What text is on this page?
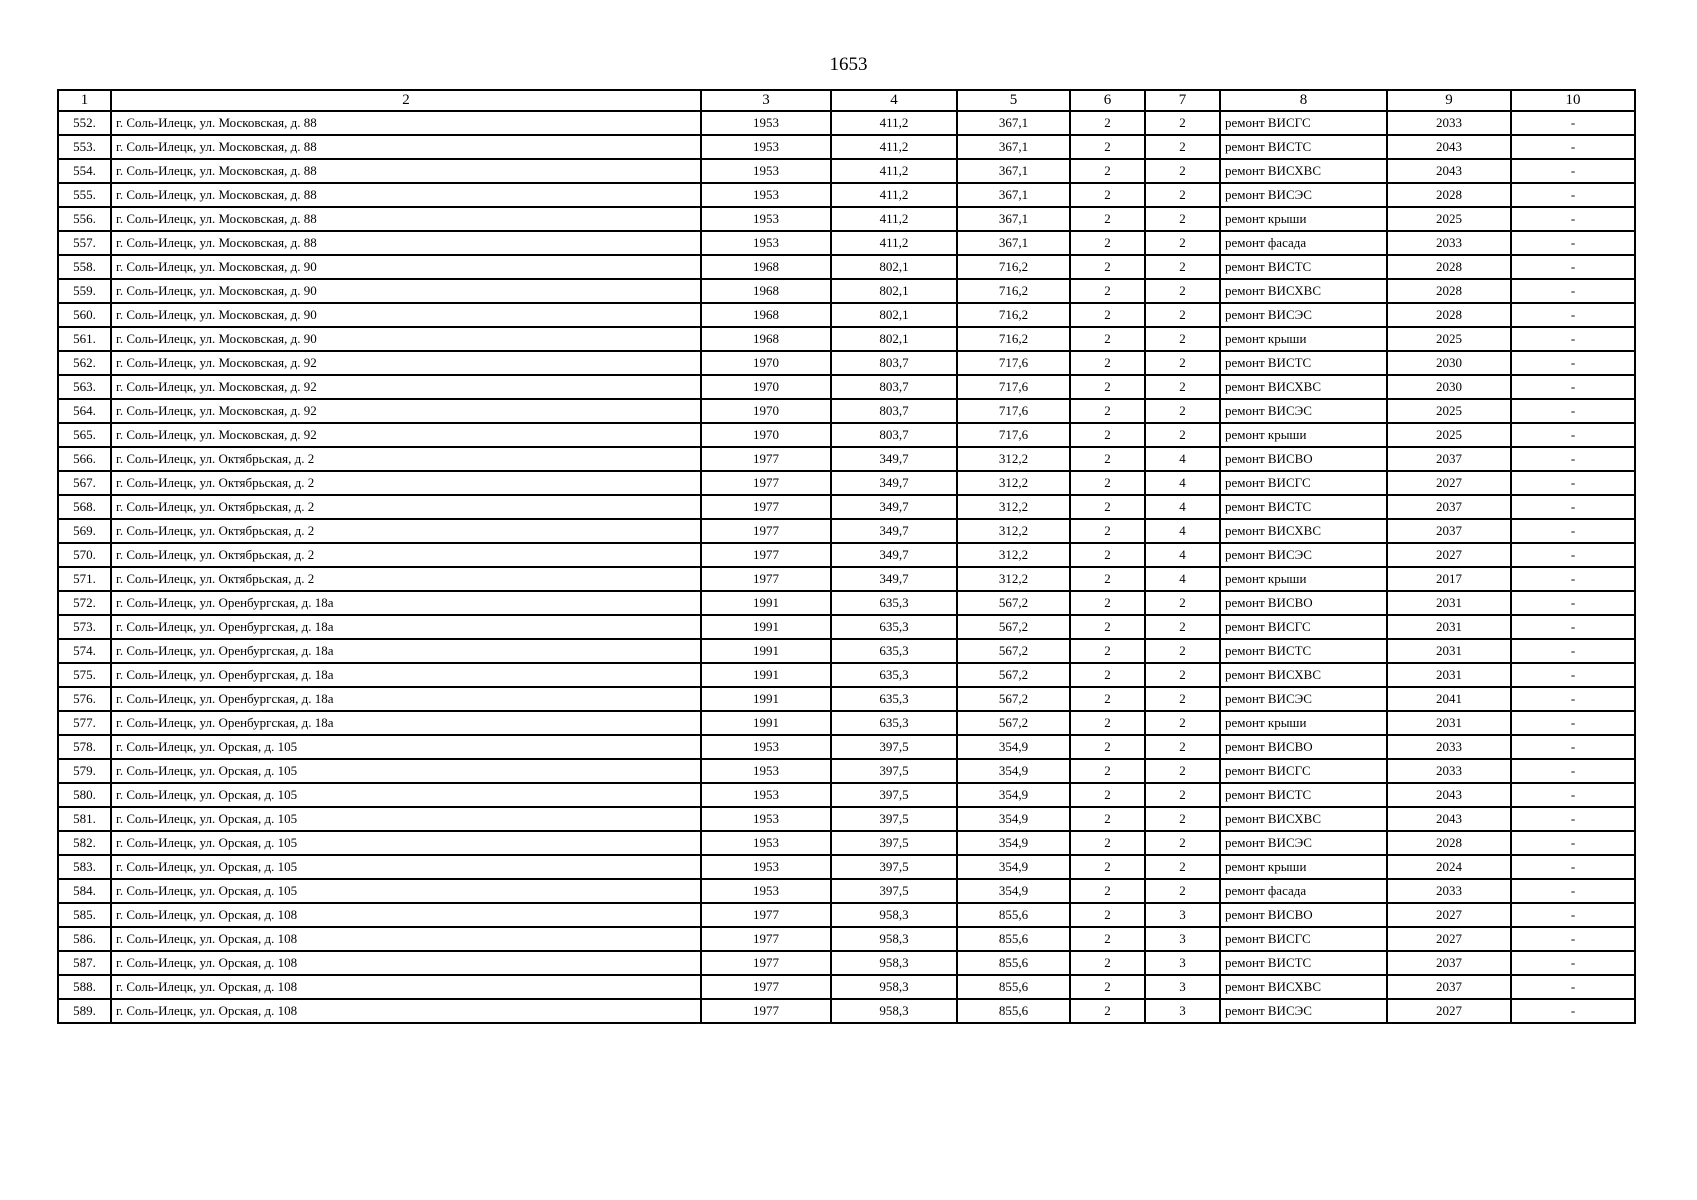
1653
1	2	3	4	5	6	7	8	9	10
552.	г. Соль-Илецк, ул. Московская, д. 88	1953	411,2	367,1	2	2	ремонт ВИСГС	2033	-
553.	г. Соль-Илецк, ул. Московская, д. 88	1953	411,2	367,1	2	2	ремонт ВИСТС	2043	-
554.	г. Соль-Илецк, ул. Московская, д. 88	1953	411,2	367,1	2	2	ремонт ВИСХВС	2043	-
555.	г. Соль-Илецк, ул. Московская, д. 88	1953	411,2	367,1	2	2	ремонт ВИСЭС	2028	-
556.	г. Соль-Илецк, ул. Московская, д. 88	1953	411,2	367,1	2	2	ремонт крыши	2025	-
557.	г. Соль-Илецк, ул. Московская, д. 88	1953	411,2	367,1	2	2	ремонт фасада	2033	-
558.	г. Соль-Илецк, ул. Московская, д. 90	1968	802,1	716,2	2	2	ремонт ВИСТС	2028	-
559.	г. Соль-Илецк, ул. Московская, д. 90	1968	802,1	716,2	2	2	ремонт ВИСХВС	2028	-
560.	г. Соль-Илецк, ул. Московская, д. 90	1968	802,1	716,2	2	2	ремонт ВИСЭС	2028	-
561.	г. Соль-Илецк, ул. Московская, д. 90	1968	802,1	716,2	2	2	ремонт крыши	2025	-
562.	г. Соль-Илецк, ул. Московская, д. 92	1970	803,7	717,6	2	2	ремонт ВИСТС	2030	-
563.	г. Соль-Илецк, ул. Московская, д. 92	1970	803,7	717,6	2	2	ремонт ВИСХВС	2030	-
564.	г. Соль-Илецк, ул. Московская, д. 92	1970	803,7	717,6	2	2	ремонт ВИСЭС	2025	-
565.	г. Соль-Илецк, ул. Московская, д. 92	1970	803,7	717,6	2	2	ремонт крыши	2025	-
566.	г. Соль-Илецк, ул. Октябрьская, д. 2	1977	349,7	312,2	2	4	ремонт ВИСВО	2037	-
567.	г. Соль-Илецк, ул. Октябрьская, д. 2	1977	349,7	312,2	2	4	ремонт ВИСГС	2027	-
568.	г. Соль-Илецк, ул. Октябрьская, д. 2	1977	349,7	312,2	2	4	ремонт ВИСТС	2037	-
569.	г. Соль-Илецк, ул. Октябрьская, д. 2	1977	349,7	312,2	2	4	ремонт ВИСХВС	2037	-
570.	г. Соль-Илецк, ул. Октябрьская, д. 2	1977	349,7	312,2	2	4	ремонт ВИСЭС	2027	-
571.	г. Соль-Илецк, ул. Октябрьская, д. 2	1977	349,7	312,2	2	4	ремонт крыши	2017	-
572.	г. Соль-Илецк, ул. Оренбургская, д. 18а	1991	635,3	567,2	2	2	ремонт ВИСВО	2031	-
573.	г. Соль-Илецк, ул. Оренбургская, д. 18а	1991	635,3	567,2	2	2	ремонт ВИСГС	2031	-
574.	г. Соль-Илецк, ул. Оренбургская, д. 18а	1991	635,3	567,2	2	2	ремонт ВИСТС	2031	-
575.	г. Соль-Илецк, ул. Оренбургская, д. 18а	1991	635,3	567,2	2	2	ремонт ВИСХВС	2031	-
576.	г. Соль-Илецк, ул. Оренбургская, д. 18а	1991	635,3	567,2	2	2	ремонт ВИСЭС	2041	-
577.	г. Соль-Илецк, ул. Оренбургская, д. 18а	1991	635,3	567,2	2	2	ремонт крыши	2031	-
578.	г. Соль-Илецк, ул. Орская, д. 105	1953	397,5	354,9	2	2	ремонт ВИСВО	2033	-
579.	г. Соль-Илецк, ул. Орская, д. 105	1953	397,5	354,9	2	2	ремонт ВИСГС	2033	-
580.	г. Соль-Илецк, ул. Орская, д. 105	1953	397,5	354,9	2	2	ремонт ВИСТС	2043	-
581.	г. Соль-Илецк, ул. Орская, д. 105	1953	397,5	354,9	2	2	ремонт ВИСХВС	2043	-
582.	г. Соль-Илецк, ул. Орская, д. 105	1953	397,5	354,9	2	2	ремонт ВИСЭС	2028	-
583.	г. Соль-Илецк, ул. Орская, д. 105	1953	397,5	354,9	2	2	ремонт крыши	2024	-
584.	г. Соль-Илецк, ул. Орская, д. 105	1953	397,5	354,9	2	2	ремонт фасада	2033	-
585.	г. Соль-Илецк, ул. Орская, д. 108	1977	958,3	855,6	2	3	ремонт ВИСВО	2027	-
586.	г. Соль-Илецк, ул. Орская, д. 108	1977	958,3	855,6	2	3	ремонт ВИСГС	2027	-
587.	г. Соль-Илецк, ул. Орская, д. 108	1977	958,3	855,6	2	3	ремонт ВИСТС	2037	-
588.	г. Соль-Илецк, ул. Орская, д. 108	1977	958,3	855,6	2	3	ремонт ВИСХВС	2037	-
589.	г. Соль-Илецк, ул. Орская, д. 108	1977	958,3	855,6	2	3	ремонт ВИСЭС	2027	-
